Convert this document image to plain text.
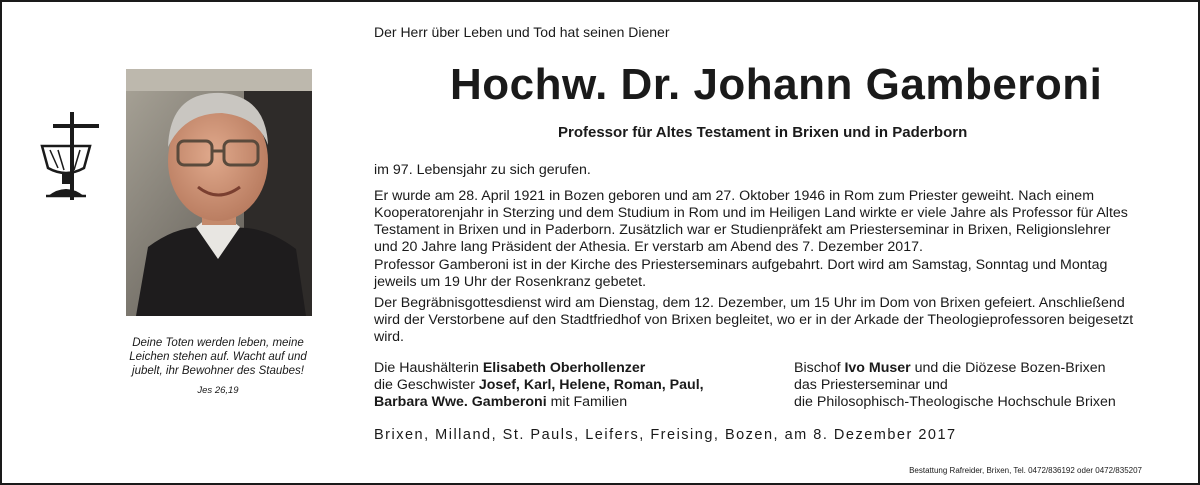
Deine Toten werden leben, meine Leichen stehen auf. Wacht auf und jubelt, ihr Bewohner des Staubes!
Jes 26,19
Der Herr über Leben und Tod hat seinen Diener
Hochw. Dr. Johann Gamberoni
Professor für Altes Testament in Brixen und in Paderborn
im 97. Lebensjahr zu sich gerufen.
Er wurde am 28. April 1921 in Bozen geboren und am 27. Oktober 1946 in Rom zum Priester geweiht. Nach einem Kooperatorenjahr in Sterzing und dem Studium in Rom und im Heiligen Land wirkte er viele Jahre als Professor für Altes Testament in Brixen und in Paderborn. Zusätzlich war er Studienpräfekt am Priesterseminar in Brixen, Religionslehrer und 20 Jahre lang Präsident der Athesia. Er verstarb am Abend des 7. Dezember 2017.
Professor Gamberoni ist in der Kirche des Priesterseminars aufgebahrt. Dort wird am Samstag, Sonntag und Montag jeweils um 19 Uhr der Rosenkranz gebetet.
Der Begräbnisgottesdienst wird am Dienstag, dem 12. Dezember, um 15 Uhr im Dom von Brixen gefeiert. Anschließend wird der Verstorbene auf den Stadtfriedhof von Brixen begleitet, wo er in der Arkade der Theologieprofessoren beigesetzt wird.
Die Haushälterin Elisabeth Oberhollenzer
die Geschwister Josef, Karl, Helene, Roman, Paul,
Barbara Wwe. Gamberoni mit Familien
Bischof Ivo Muser und die Diözese Bozen-Brixen
das Priesterseminar und
die Philosophisch-Theologische Hochschule Brixen
Brixen, Milland, St. Pauls, Leifers, Freising, Bozen, am 8. Dezember 2017
Bestattung Rafreider, Brixen, Tel. 0472/836192 oder 0472/835207
